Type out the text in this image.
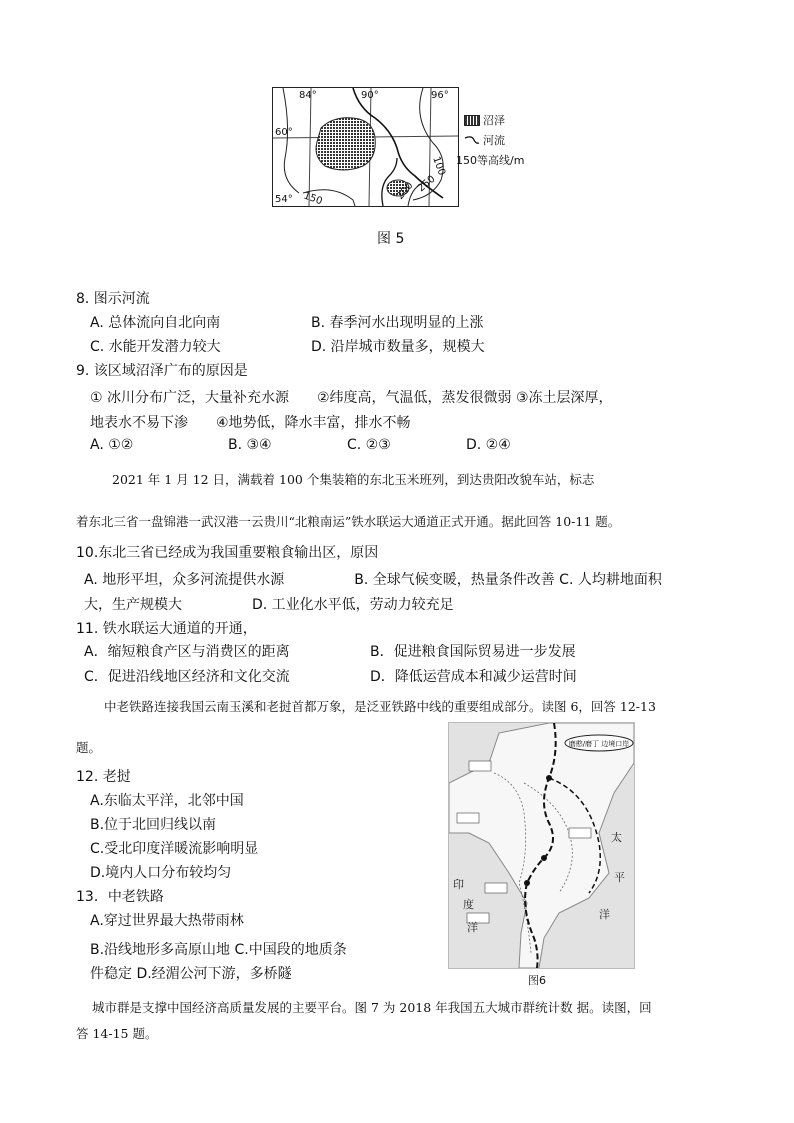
84°	90°	96°
60°
54°
100
150	200 250
沼泽
河流
150 等高线/m
图 5
8. 图示河流
A. 总体流向自北向南	B. 春季河水出现明显的上涨
C. 水能开发潜力较大	D. 沿岸城市数量多，规模大
9. 该区域沼泽广布的原因是
① 冰川分布广泛，大量补充水源　　②纬度高，气温低，蒸发很微弱 ③冻土层深厚，
地表水不易下渗　　④地势低，降水丰富，排水不畅
A. ①②	B. ③④	C. ②③	D. ②④
2021 年 1 月 12 日，满载着 100 个集装箱的东北玉米班列，到达贵阳改貌车站，标志
着东北三省一盘锦港一武汉港一云贵川“北粮南运”铁水联运大通道正式开通。据此回答 10-11 题。
10.东北三省已经成为我国重要粮食输出区，原因
A. 地形平坦，众多河流提供水源　　　　　B. 全球气候变暖，热量条件改善 C. 人均耕地面积
大，生产规模大　　　　　D. 工业化水平低，劳动力较充足
11. 铁水联运大通道的开通，
A．缩短粮食产区与消费区的距离	B．促进粮食国际贸易进一步发展
C．促进沿线地区经济和文化交流	D．降低运营成本和减少运营时间
中老铁路连接我国云南玉溪和老挝首都万象，是泛亚铁路中线的重要组成部分。读图 6，回答 12-13
题。
12. 老挝
A.东临太平洋，北邻中国
B.位于北回归线以南
C.受北印度洋暖流影响明显
D.境内人口分布较均匀
13．中老铁路
A.穿过世界最大热带雨林
B.沿线地形多高原山地 C.中国段的地质条
件稳定 D.经湄公河下游，多桥隧
磨憨/磨丁 边境口岸
印
度
洋
太
平
洋
图6
城市群是支撑中国经济高质量发展的主要平台。图 7 为 2018 年我国五大城市群统计数 据。读图，回
答 14-15 题。
